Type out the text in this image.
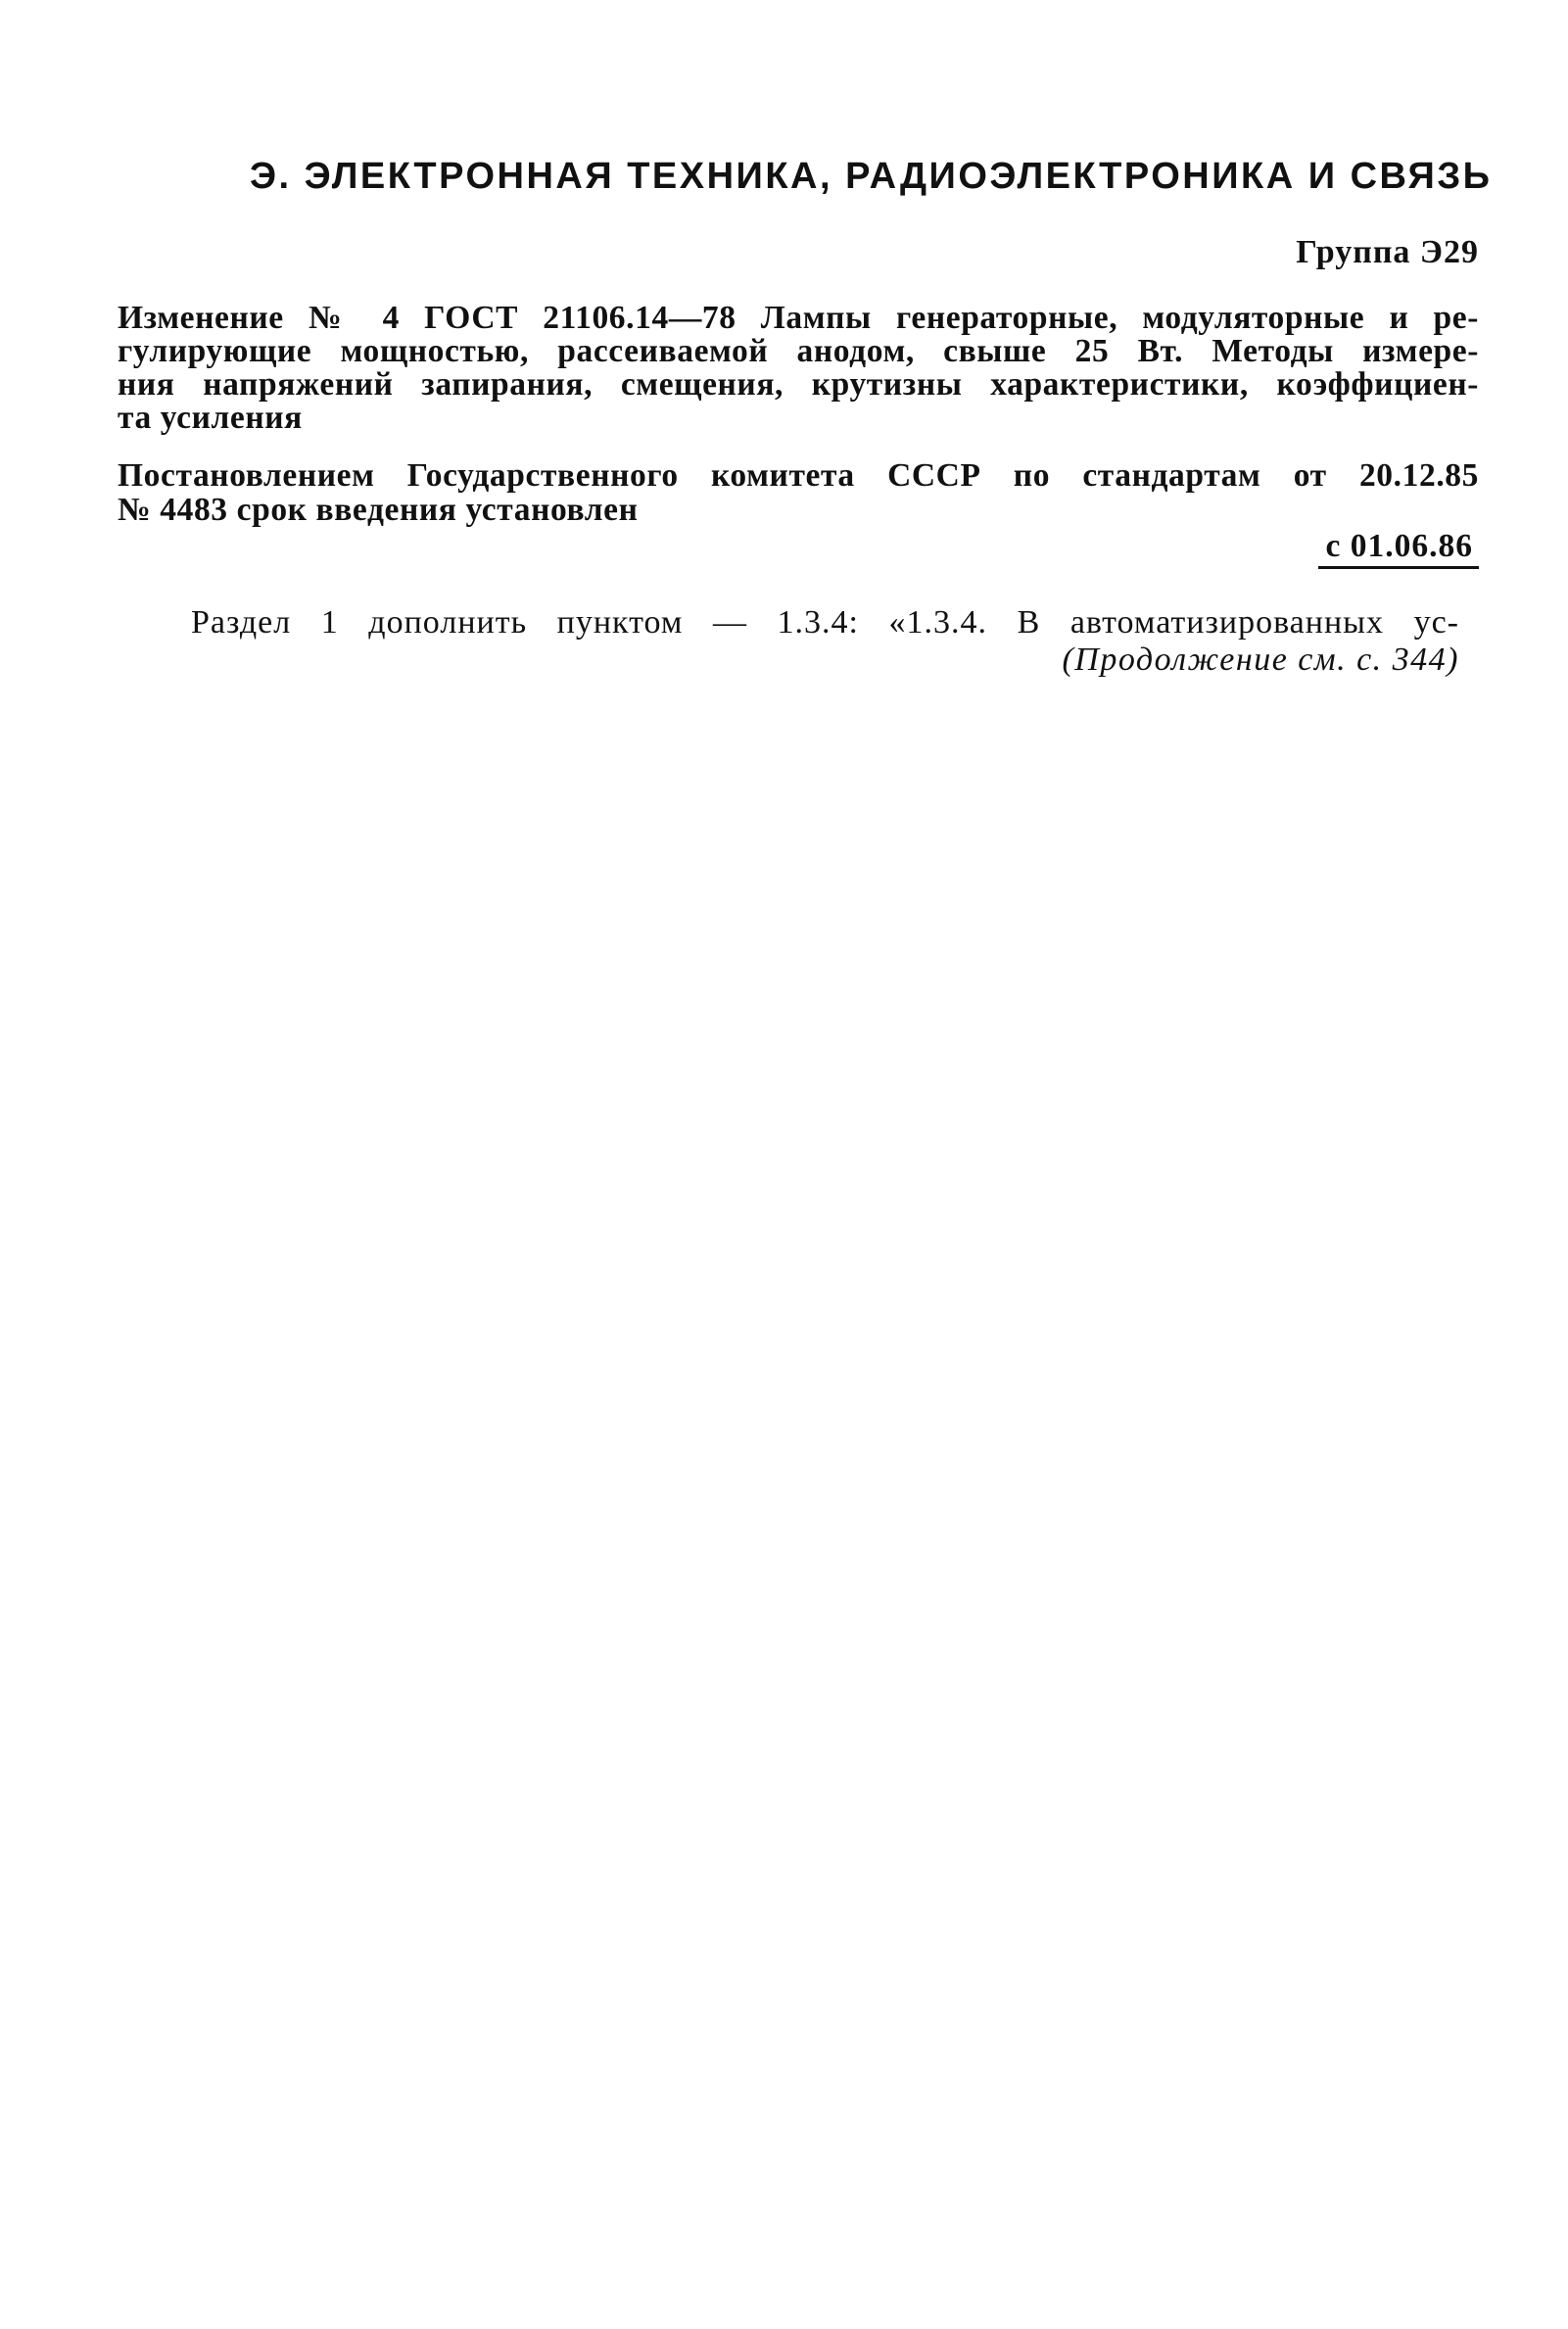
Э. ЭЛЕКТРОННАЯ ТЕХНИКА, РАДИОЭЛЕКТРОНИКА И СВЯЗЬ
Группа Э29
Изменение № 4 ГОСТ 21106.14—78 Лампы генераторные, модуляторные и ре-
гулирующие мощностью, рассеиваемой анодом, свыше 25 Вт. Методы измере-
ния напряжений запирания, смещения, крутизны характеристики, коэффициен-
та усиления
Постановлением Государственного комитета СССР по стандартам от 20.12.85
№ 4483 срок введения установлен
с 01.06.86
Раздел 1 дополнить пунктом — 1.3.4: «1.3.4. В автоматизированных ус-
(Продолжение см. с. 344)
